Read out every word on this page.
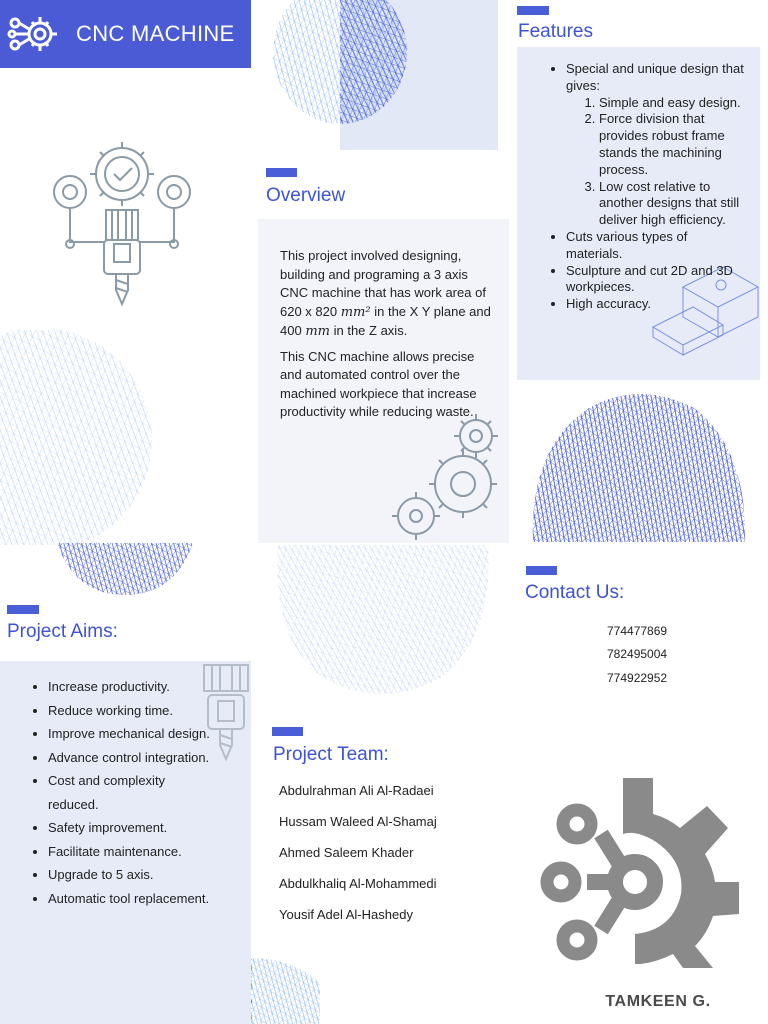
CNC MACHINE	Features
• Special and unique design that gives:
1. Simple and easy design.
2. Force division that provides robust frame stands the machining process.
3. Low cost relative to another designs that still deliver high efficiency.
• Cuts various types of materials.
• Sculpture and cut 2D and 3D workpieces.
• High accuracy.
Overview

This project involved designing, building and programing a 3 axis CNC machine that has work area of 620 x 820 mm² in the X Y plane and 400 mm in the Z axis.

This CNC machine allows precise and automated control over the machined workpiece that increase productivity while reducing waste.

Project Aims:
• Increase productivity.
• Reduce working time.
• Improve mechanical design.
• Advance control integration.
• Cost and complexity reduced.
• Safety improvement.
• Facilitate maintenance.
• Upgrade to 5 axis.
• Automatic tool replacement.
Project Team:
Abdulrahman Ali Al-Radaei
Hussam Waleed Al-Shamaj
Ahmed Saleem Khader
Abdulkhaliq Al-Mohammedi
Yousif Adel Al-Hashedy
Contact Us:
774477869
782495004
774922952
TAMKEEN G.
